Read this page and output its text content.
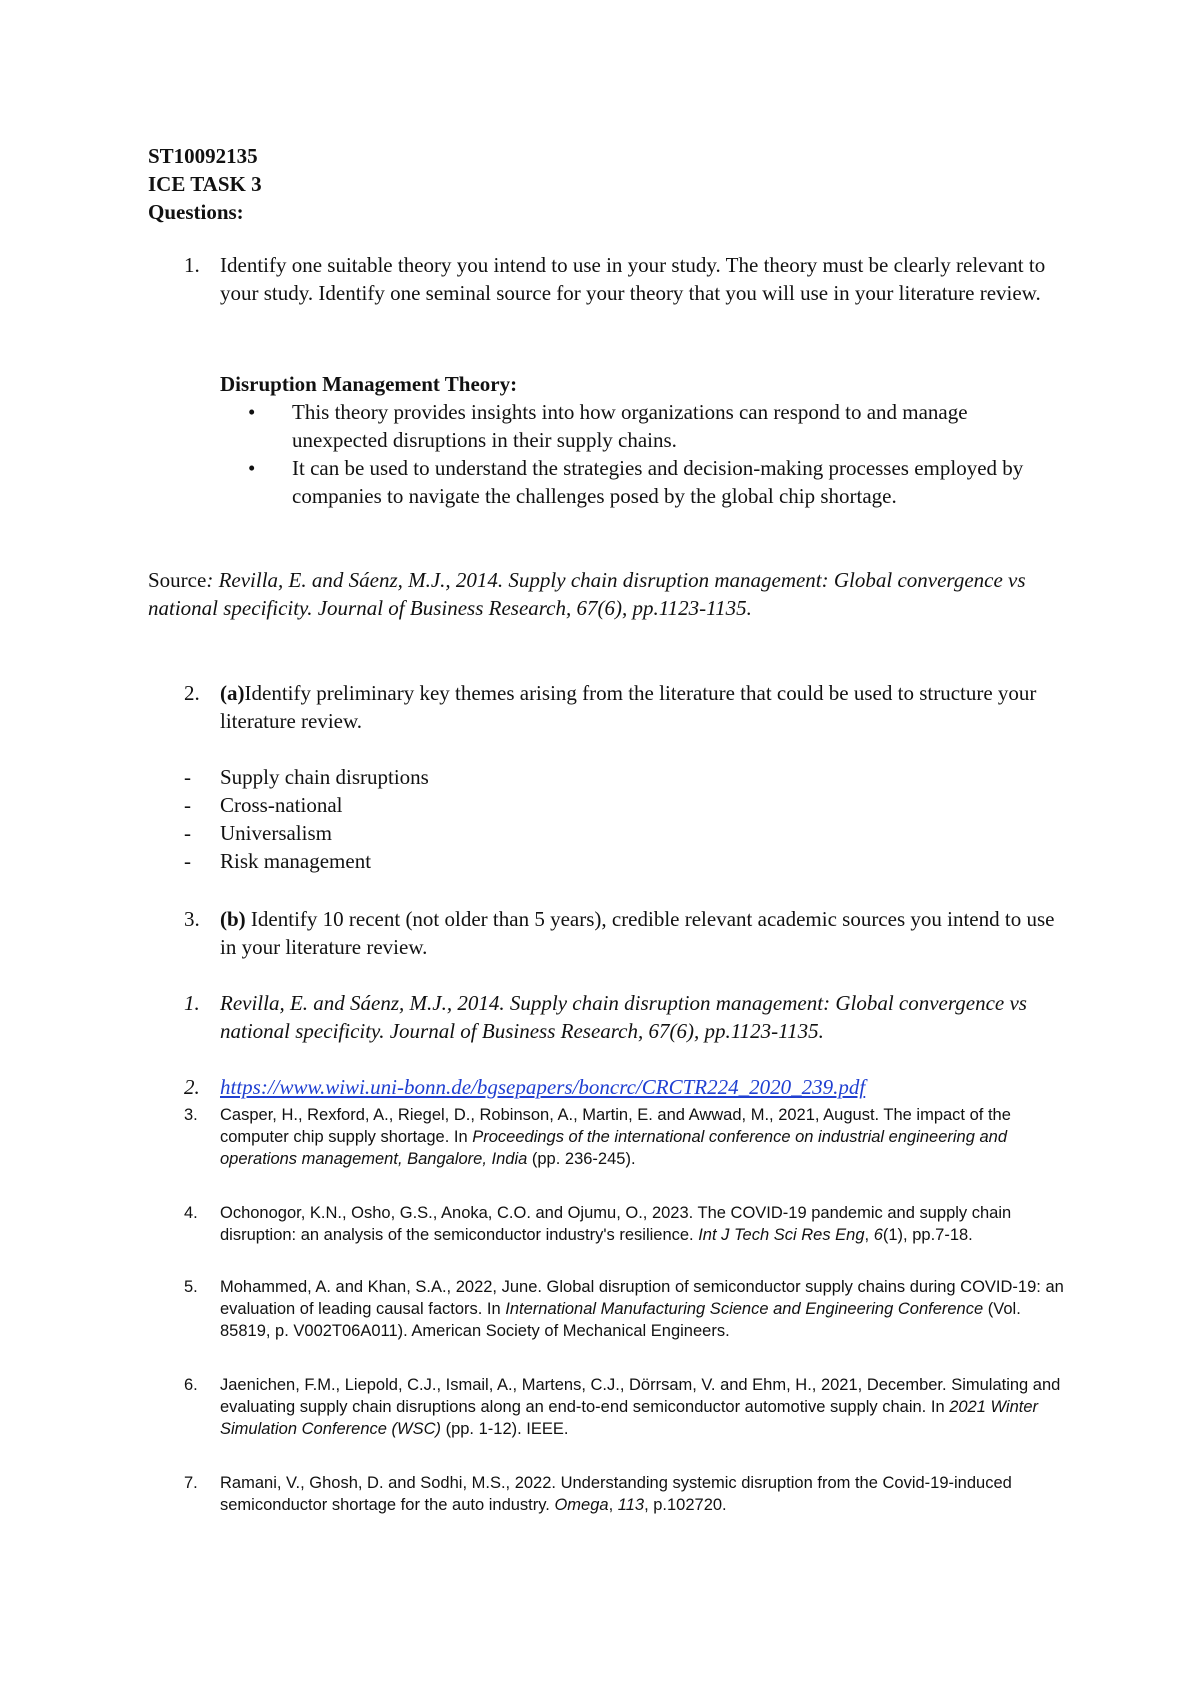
ST10092135
ICE TASK 3
Questions:
1. Identify one suitable theory you intend to use in your study. The theory must be clearly relevant to your study. Identify one seminal source for your theory that you will use in your literature review.
Disruption Management Theory:
• This theory provides insights into how organizations can respond to and manage unexpected disruptions in their supply chains.
• It can be used to understand the strategies and decision-making processes employed by companies to navigate the challenges posed by the global chip shortage.
Source: Revilla, E. and Sáenz, M.J., 2014. Supply chain disruption management: Global convergence vs national specificity. Journal of Business Research, 67(6), pp.1123-1135.
2. (a)Identify preliminary key themes arising from the literature that could be used to structure your literature review.
- Supply chain disruptions
- Cross-national
- Universalism
- Risk management
3. (b) Identify 10 recent (not older than 5 years), credible relevant academic sources you intend to use in your literature review.
1. Revilla, E. and Sáenz, M.J., 2014. Supply chain disruption management: Global convergence vs national specificity. Journal of Business Research, 67(6), pp.1123-1135.
2. https://www.wiwi.uni-bonn.de/bgsepapers/boncrc/CRCTR224_2020_239.pdf
3. Casper, H., Rexford, A., Riegel, D., Robinson, A., Martin, E. and Awwad, M., 2021, August. The impact of the computer chip supply shortage. In Proceedings of the international conference on industrial engineering and operations management, Bangalore, India (pp. 236-245).
4. Ochonogor, K.N., Osho, G.S., Anoka, C.O. and Ojumu, O., 2023. The COVID-19 pandemic and supply chain disruption: an analysis of the semiconductor industry's resilience. Int J Tech Sci Res Eng, 6(1), pp.7-18.
5. Mohammed, A. and Khan, S.A., 2022, June. Global disruption of semiconductor supply chains during COVID-19: an evaluation of leading causal factors. In International Manufacturing Science and Engineering Conference (Vol. 85819, p. V002T06A011). American Society of Mechanical Engineers.
6. Jaenichen, F.M., Liepold, C.J., Ismail, A., Martens, C.J., Dörrsam, V. and Ehm, H., 2021, December. Simulating and evaluating supply chain disruptions along an end-to-end semiconductor automotive supply chain. In 2021 Winter Simulation Conference (WSC) (pp. 1-12). IEEE.
7. Ramani, V., Ghosh, D. and Sodhi, M.S., 2022. Understanding systemic disruption from the Covid-19-induced semiconductor shortage for the auto industry. Omega, 113, p.102720.
